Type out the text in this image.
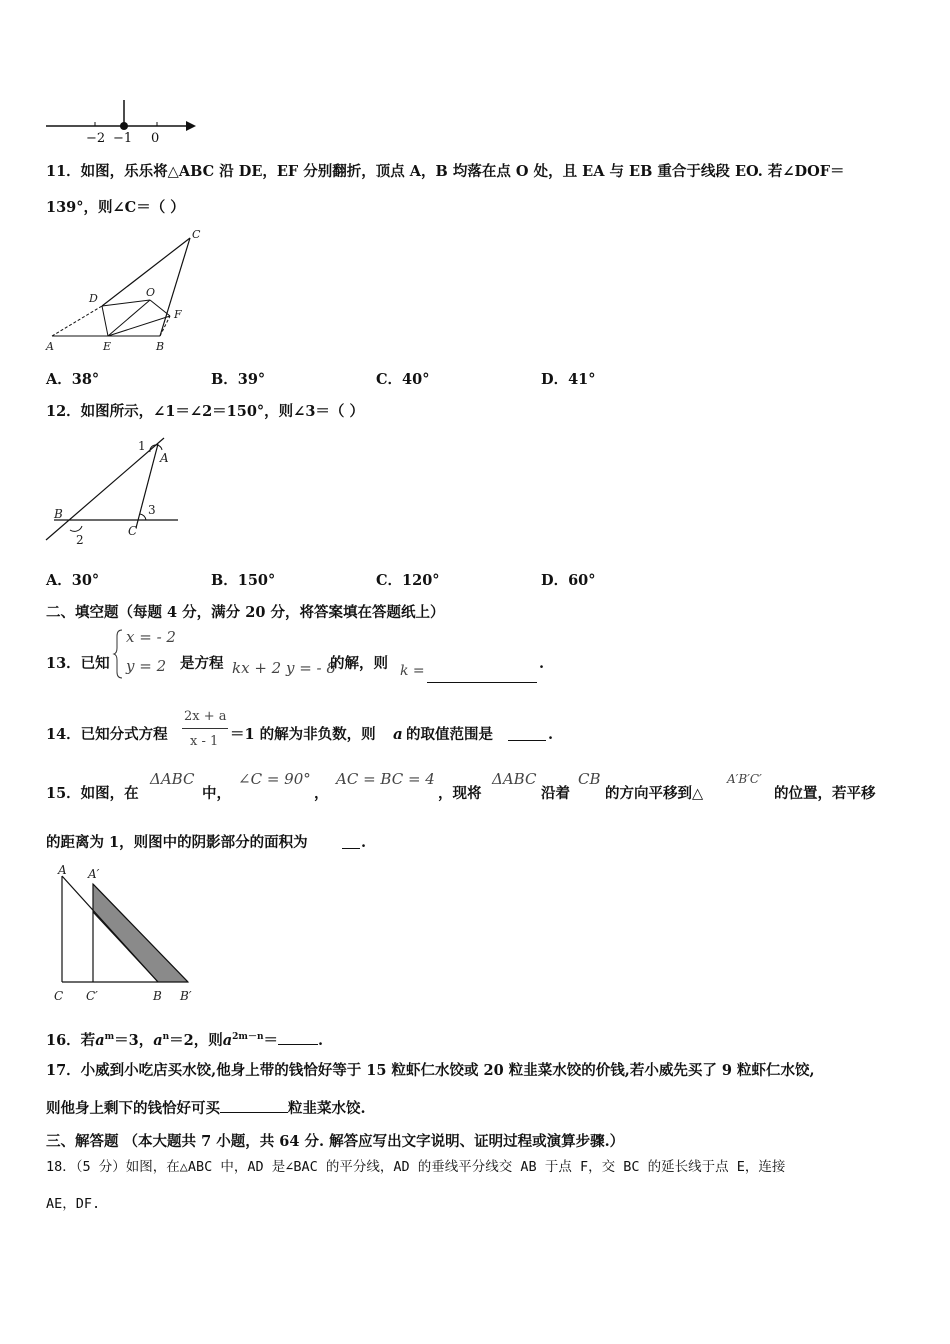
−2 −1 0
11．如图，乐乐将△ABC 沿 DE，EF 分别翻折，顶点 A，B 均落在点 O 处，且 EA 与 EB 重合于线段 EO. 若∠DOF＝
139°，则∠C＝（ ）
C
D	O
F
A	E	B
A．38°	B．39°	C．40°	D．41°
12．如图所示，∠1＝∠2＝150°，则∠3＝（ ）
1
A
B	3
C
2
A．30°	B．150°	C．120°	D．60°
二、填空题（每题 4 分，满分 20 分，将答案填在答题纸上）
13．已知
x = - 2
y = 2 是方程 kx + 2 y = - 8
的解，则 k =	.
14．已知分式方程
2x + a
x - 1 ＝1 的解为非负数，则 a 的取值范围是	.
15．如图，在
ΔABC
中，
∠C = 90°
，
AC = BC = 4
，现将
ΔABC
沿着
CB
的方向平移到△
A′B′C′
的位置，若平移
的距离为 1，则图中的阴影部分的面积为	.
A A′
C C′	B B′
16．若$a^m=3$，$a^n=2$，则$a^{2m-n}=$	.
17．小威到小吃店买水饺,他身上带的钱恰好等于 15 粒虾仁水饺或 20 粒韭菜水饺的价钱,若小威先买了 9 粒虾仁水饺,
则他身上剩下的钱恰好可买	粒韭菜水饺.
三、解答题 （本大题共 7 小题，共 64 分. 解答应写出文字说明、证明过程或演算步骤.）
18．（5 分）如图，在△ABC 中，AD 是∠BAC 的平分线，AD 的垂线平分线交 AB 于点 F，交 BC 的延长线于点 E，连接
AE，DF.
